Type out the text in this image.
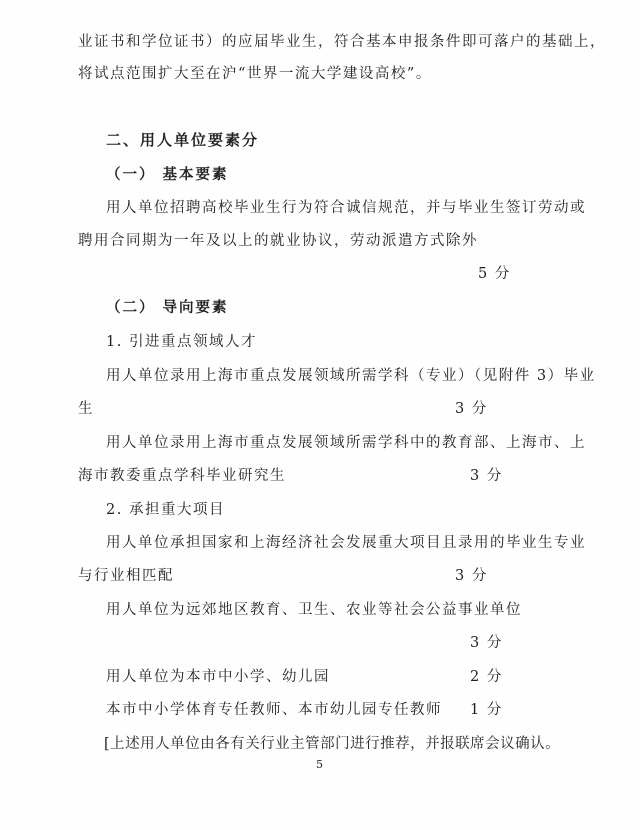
业证书和学位证书）的应届毕业生，符合基本申报条件即可落户的基础上，
将试点范围扩大至在沪“世界一流大学建设高校”。
二、用人单位要素分
（一） 基本要素
用人单位招聘高校毕业生行为符合诚信规范，并与毕业生签订劳动或
聘用合同期为一年及以上的就业协议，劳动派遣方式除外
5 分
（二） 导向要素
1. 引进重点领域人才
用人单位录用上海市重点发展领域所需学科（专业）（见附件 3）毕业
生	3 分
用人单位录用上海市重点发展领域所需学科中的教育部、上海市、上
海市教委重点学科毕业研究生	3 分
2. 承担重大项目
用人单位承担国家和上海经济社会发展重大项目且录用的毕业生专业
与行业相匹配	3 分
用人单位为远郊地区教育、卫生、农业等社会公益事业单位
3 分
用人单位为本市中小学、幼儿园	2 分
本市中小学体育专任教师、本市幼儿园专任教师 1 分
[上述用人单位由各有关行业主管部门进行推荐，并报联席会议确认。
5
